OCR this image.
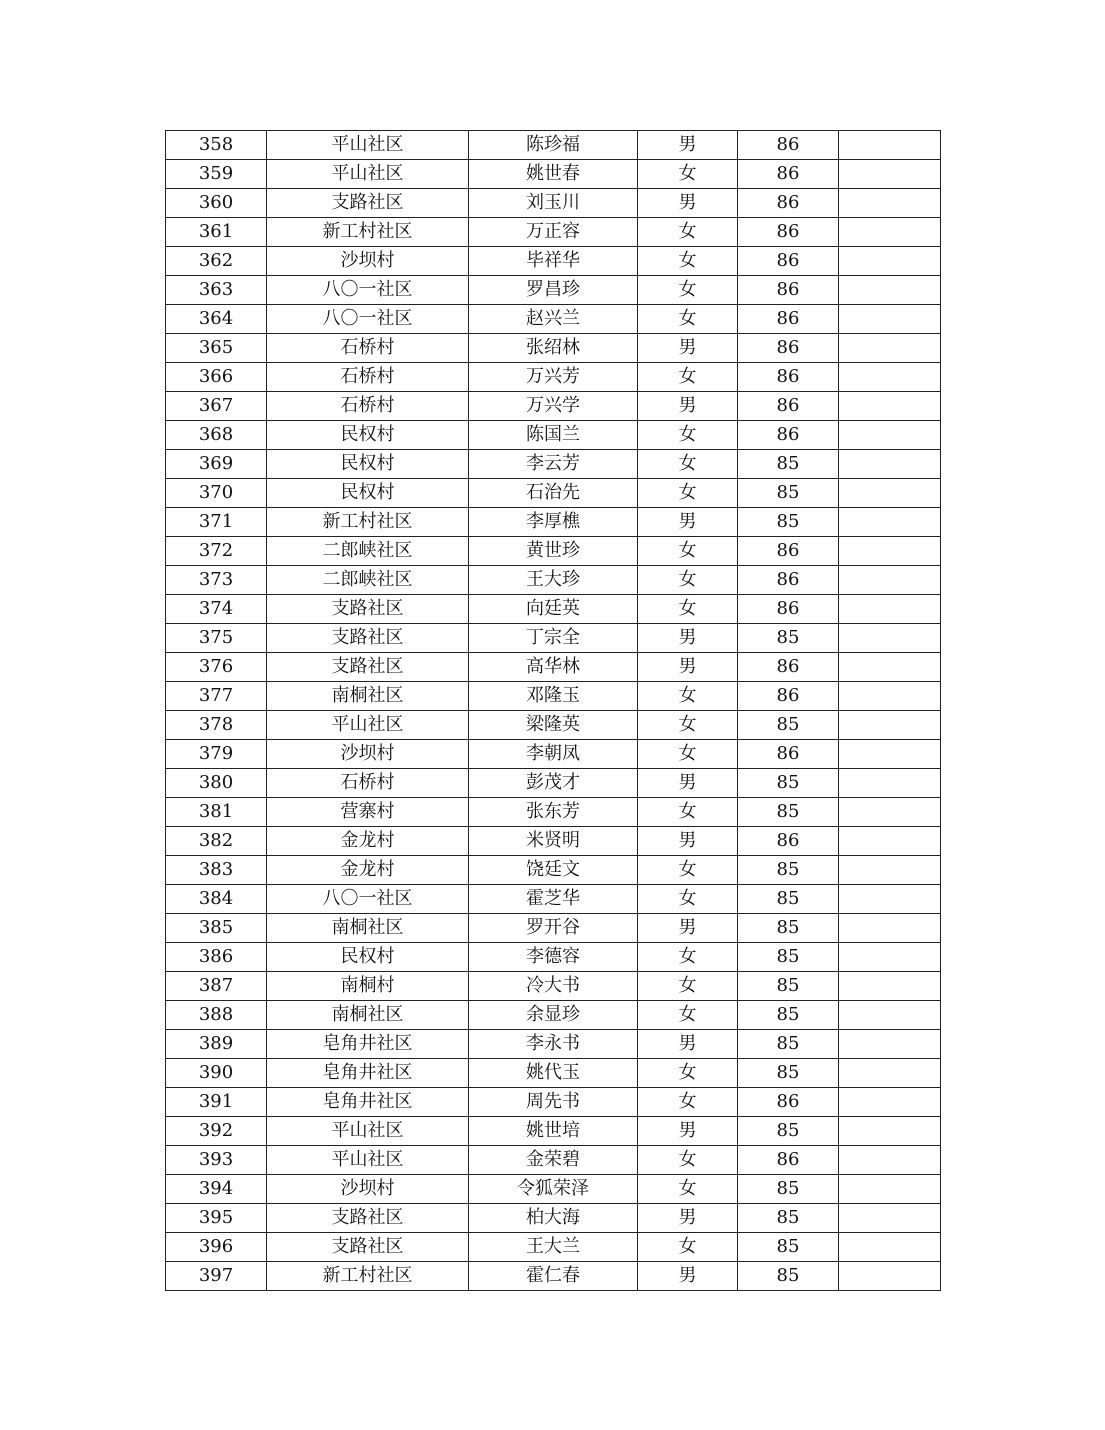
358	平山社区	陈珍福	男	86	
359	平山社区	姚世春	女	86	
360	支路社区	刘玉川	男	86	
361	新工村社区	万正容	女	86	
362	沙坝村	毕祥华	女	86	
363	八〇一社区	罗昌珍	女	86	
364	八〇一社区	赵兴兰	女	86	
365	石桥村	张绍林	男	86	
366	石桥村	万兴芳	女	86	
367	石桥村	万兴学	男	86	
368	民权村	陈国兰	女	86	
369	民权村	李云芳	女	85	
370	民权村	石治先	女	85	
371	新工村社区	李厚樵	男	85	
372	二郎峡社区	黄世珍	女	86	
373	二郎峡社区	王大珍	女	86	
374	支路社区	向廷英	女	86	
375	支路社区	丁宗全	男	85	
376	支路社区	高华林	男	86	
377	南桐社区	邓隆玉	女	86	
378	平山社区	梁隆英	女	85	
379	沙坝村	李朝凤	女	86	
380	石桥村	彭茂才	男	85	
381	营寨村	张东芳	女	85	
382	金龙村	米贤明	男	86	
383	金龙村	饶廷文	女	85	
384	八〇一社区	霍芝华	女	85	
385	南桐社区	罗开谷	男	85	
386	民权村	李德容	女	85	
387	南桐村	冷大书	女	85	
388	南桐社区	余显珍	女	85	
389	皂角井社区	李永书	男	85	
390	皂角井社区	姚代玉	女	85	
391	皂角井社区	周先书	女	86	
392	平山社区	姚世培	男	85	
393	平山社区	金荣碧	女	86	
394	沙坝村	令狐荣泽	女	85	
395	支路社区	柏大海	男	85	
396	支路社区	王大兰	女	85	
397	新工村社区	霍仁春	男	85	
